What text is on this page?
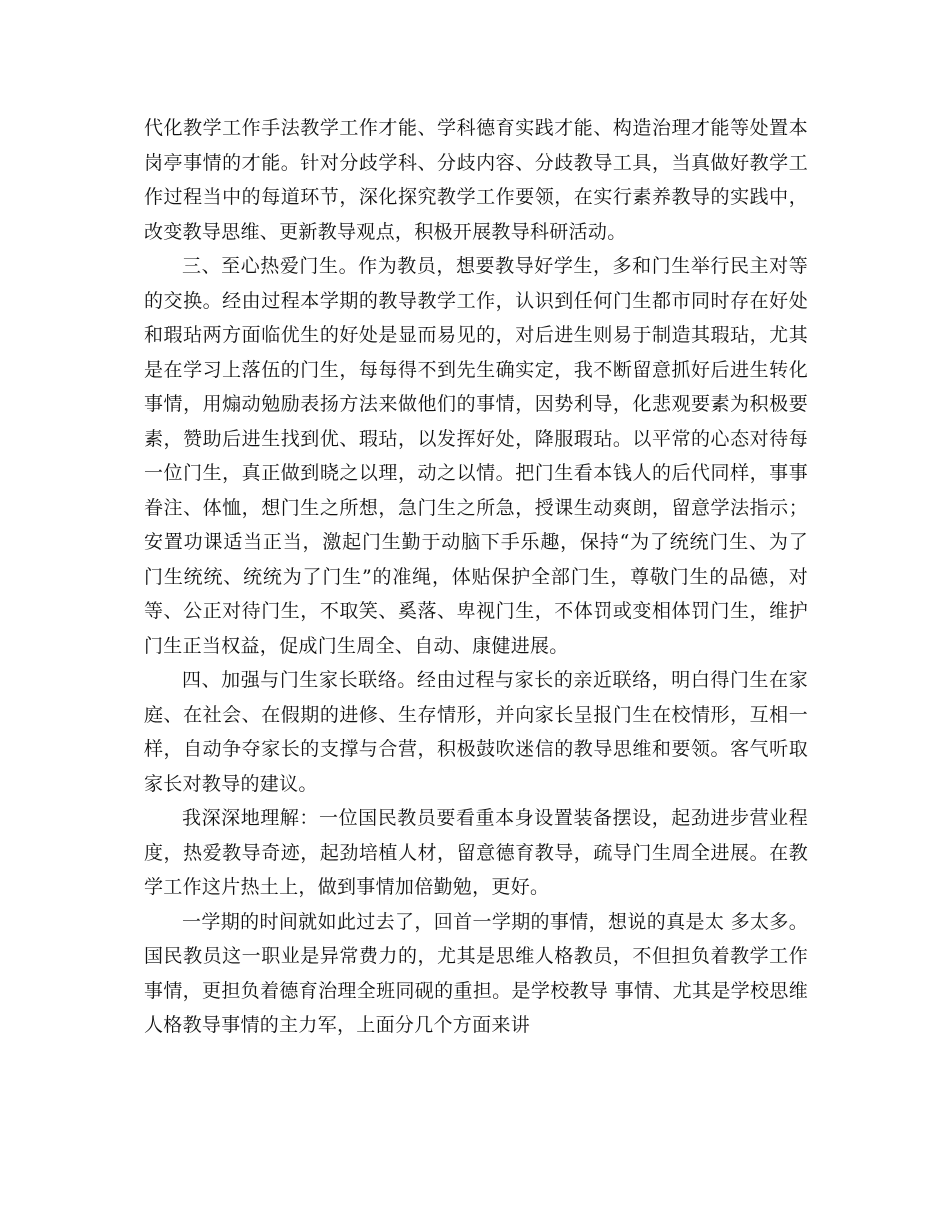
代化教学工作手法教学工作才能、学科德育实践才能、构造治理才能等处置本岗亭事情的才能。针对分歧学科、分歧内容、分歧教导工具，当真做好教学工作过程当中的每道环节，深化探究教学工作要领，在实行素养教导的实践中，改变教导思维、更新教导观点，积极开展教导科研活动。

三、至心热爱门生。作为教员，想要教导好学生，多和门生举行民主对等的交换。经由过程本学期的教导教学工作，认识到任何门生都市同时存在好处和瑕玷两方面临优生的好处是显而易见的，对后进生则易于制造其瑕玷，尤其是在学习上落伍的门生，每每得不到先生确实定，我不断留意抓好后进生转化事情，用煽动勉励表扬方法来做他们的事情，因势利导，化悲观要素为积极要素，赞助后进生找到优、瑕玷，以发挥好处，降服瑕玷。以平常的心态对待每一位门生，真正做到晓之以理，动之以情。把门生看本钱人的后代同样，事事眷注、体恤，想门生之所想，急门生之所急，授课生动爽朗，留意学法指示；安置功课适当正当，激起门生勤于动脑下手乐趣，保持“为了统统门生、为了门生统统、统统为了门生”的准绳，体贴保护全部门生，尊敬门生的品德，对等、公正对待门生，不取笑、奚落、卑视门生，不体罚或变相体罚门生，维护门生正当权益，促成门生周全、自动、康健进展。

四、加强与门生家长联络。经由过程与家长的亲近联络，明白得门生在家庭、在社会、在假期的进修、生存情形，并向家长呈报门生在校情形，互相一样，自动争夺家长的支撑与合营，积极鼓吹迷信的教导思维和要领。客气听取家长对教导的建议。

我深深地理解：一位国民教员要看重本身设置装备摆设，起劲进步营业程度，热爱教导奇迹，起劲培植人材，留意德育教导，疏导门生周全进展。在教学工作这片热土上，做到事情加倍勤勉，更好。

一学期的时间就如此过去了，回首一学期的事情，想说的真是太 多太多。国民教员这一职业是异常费力的，尤其是思维人格教员，不但担负着教学工作事情，更担负着德育治理全班同砚的重担。是学校教导 事情、尤其是学校思维人格教导事情的主力军，上面分几个方面来讲
